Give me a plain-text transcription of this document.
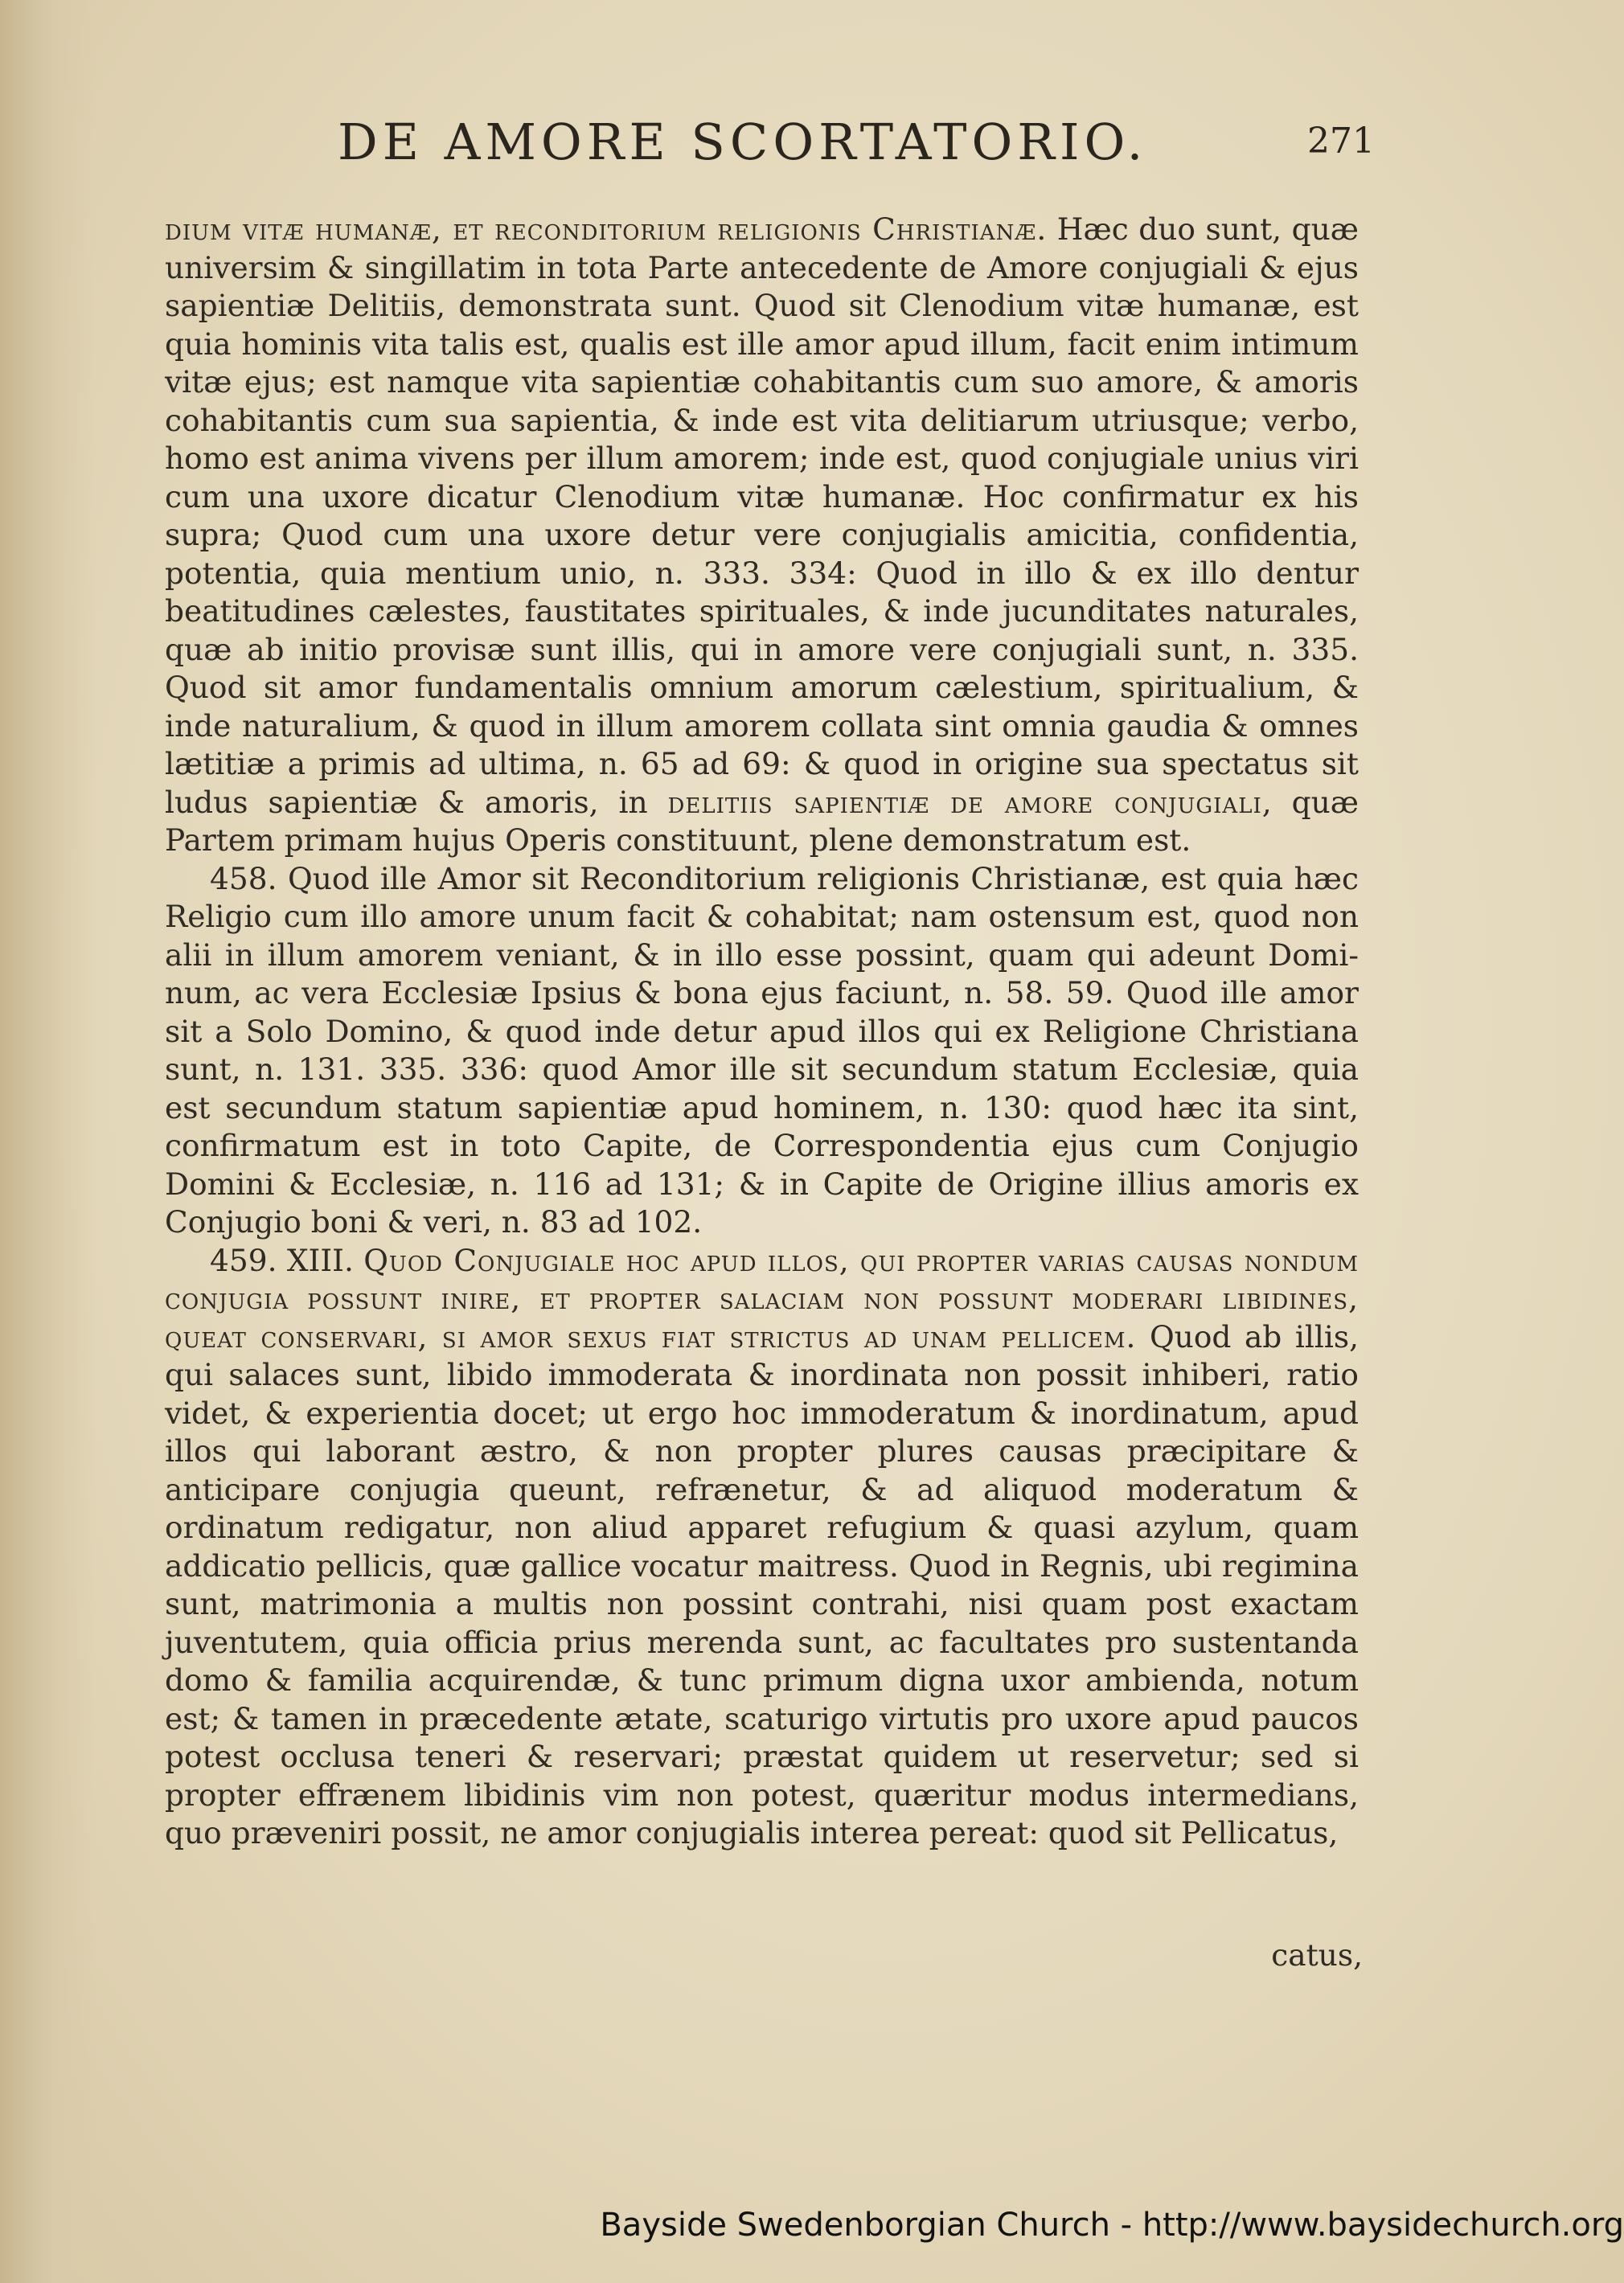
DE AMORE SCORTATORIO.	271

dium vitæ humanæ, et reconditorium religionis Christianæ. Hæc duo sunt, quæ universim & singillatim in tota Parte antecedente de Amore conjugiali & ejus sapientiæ Delitiis, demonstrata sunt. Quod sit Clenodium vitæ humanæ, est quia hominis vita talis est, qualis est ille amor apud illum, facit enim intimum vitæ ejus; est namque vita sapientiæ cohabitantis cum suo amore, & amoris cohabitantis cum sua sapientia, & inde est vita delitiarum utriusque; verbo, homo est anima vivens per illum amorem; inde est, quod conjugiale unius viri cum una uxore dicatur Clenodium vitæ humanæ. Hoc confirmatur ex his supra; Quod cum una uxore detur vere conjugialis amicitia, confidentia, potentia, quia mentium unio, n. 333. 334: Quod in illo & ex illo dentur beatitudines cælestes, faustitates spirituales, & inde jucunditates naturales, quæ ab initio provisæ sunt illis, qui in amore vere conjugiali sunt, n. 335. Quod sit amor fundamentalis omnium amorum cælestium, spiritualium, & inde naturalium, & quod in illum amorem collata sint omnia gaudia & omnes lætitiæ a primis ad ultima, n. 65 ad 69: & quod in origine sua spectatus sit ludus sapientiæ & amoris, in delitiis sapientiæ de amore conjugiali, quæ Partem primam hujus Operis constituunt, plene demonstratum est.

458. Quod ille Amor sit Reconditorium religionis Christianæ, est quia hæc Religio cum illo amore unum facit & cohabitat; nam ostensum est, quod non alii in illum amorem veniant, & in illo esse possint, quam qui adeunt Dominum, ac vera Ecclesiæ Ipsius & bona ejus faciunt, n. 58. 59. Quod ille amor sit a Solo Domino, & quod inde detur apud illos qui ex Religione Christiana sunt, n. 131. 335. 336: quod Amor ille sit secundum statum Ecclesiæ, quia est secundum statum sapientiæ apud hominem, n. 130: quod hæc ita sint, confirmatum est in toto Capite, de Correspondentia ejus cum Conjugio Domini & Ecclesiæ, n. 116 ad 131; & in Capite de Origine illius amoris ex Conjugio boni & veri, n. 83 ad 102.

459. XIII. Quod Conjugiale hoc apud illos, qui propter varias causas nondum conjugia possunt inire, et propter salaciam non possunt moderari libidines, queat conservari, si amor sexus fiat strictus ad unam pellicem. Quod ab illis, qui salaces sunt, libido immoderata & inordinata non possit inhiberi, ratio videt, & experientia docet; ut ergo hoc immoderatum & inordinatum, apud illos qui laborant æstro, & non propter plures causas præcipitare & anticipare conjugia queunt, refrænetur, & ad aliquod moderatum & ordinatum redigatur, non aliud apparet refugium & quasi azylum, quam addicatio pellicis, quæ gallice vocatur maitress. Quod in Regnis, ubi regimina sunt, matrimonia a multis non possint contrahi, nisi quam post exactam juventutem, quia officia prius merenda sunt, ac facultates pro sustentanda domo & familia acquirendæ, & tunc primum digna uxor ambienda, notum est; & tamen in præcedente ætate, scaturigo virtutis pro uxore apud paucos potest occlusa teneri & reservari; præstat quidem ut reservetur; sed si propter effrænem libidinis vim non potest, quæritur modus intermedians, quo præveniri possit, ne amor conjugialis interea pereat: quod sit Pellicatus,

catus,
Bayside Swedenborgian Church - http://www.baysidechurch.org
